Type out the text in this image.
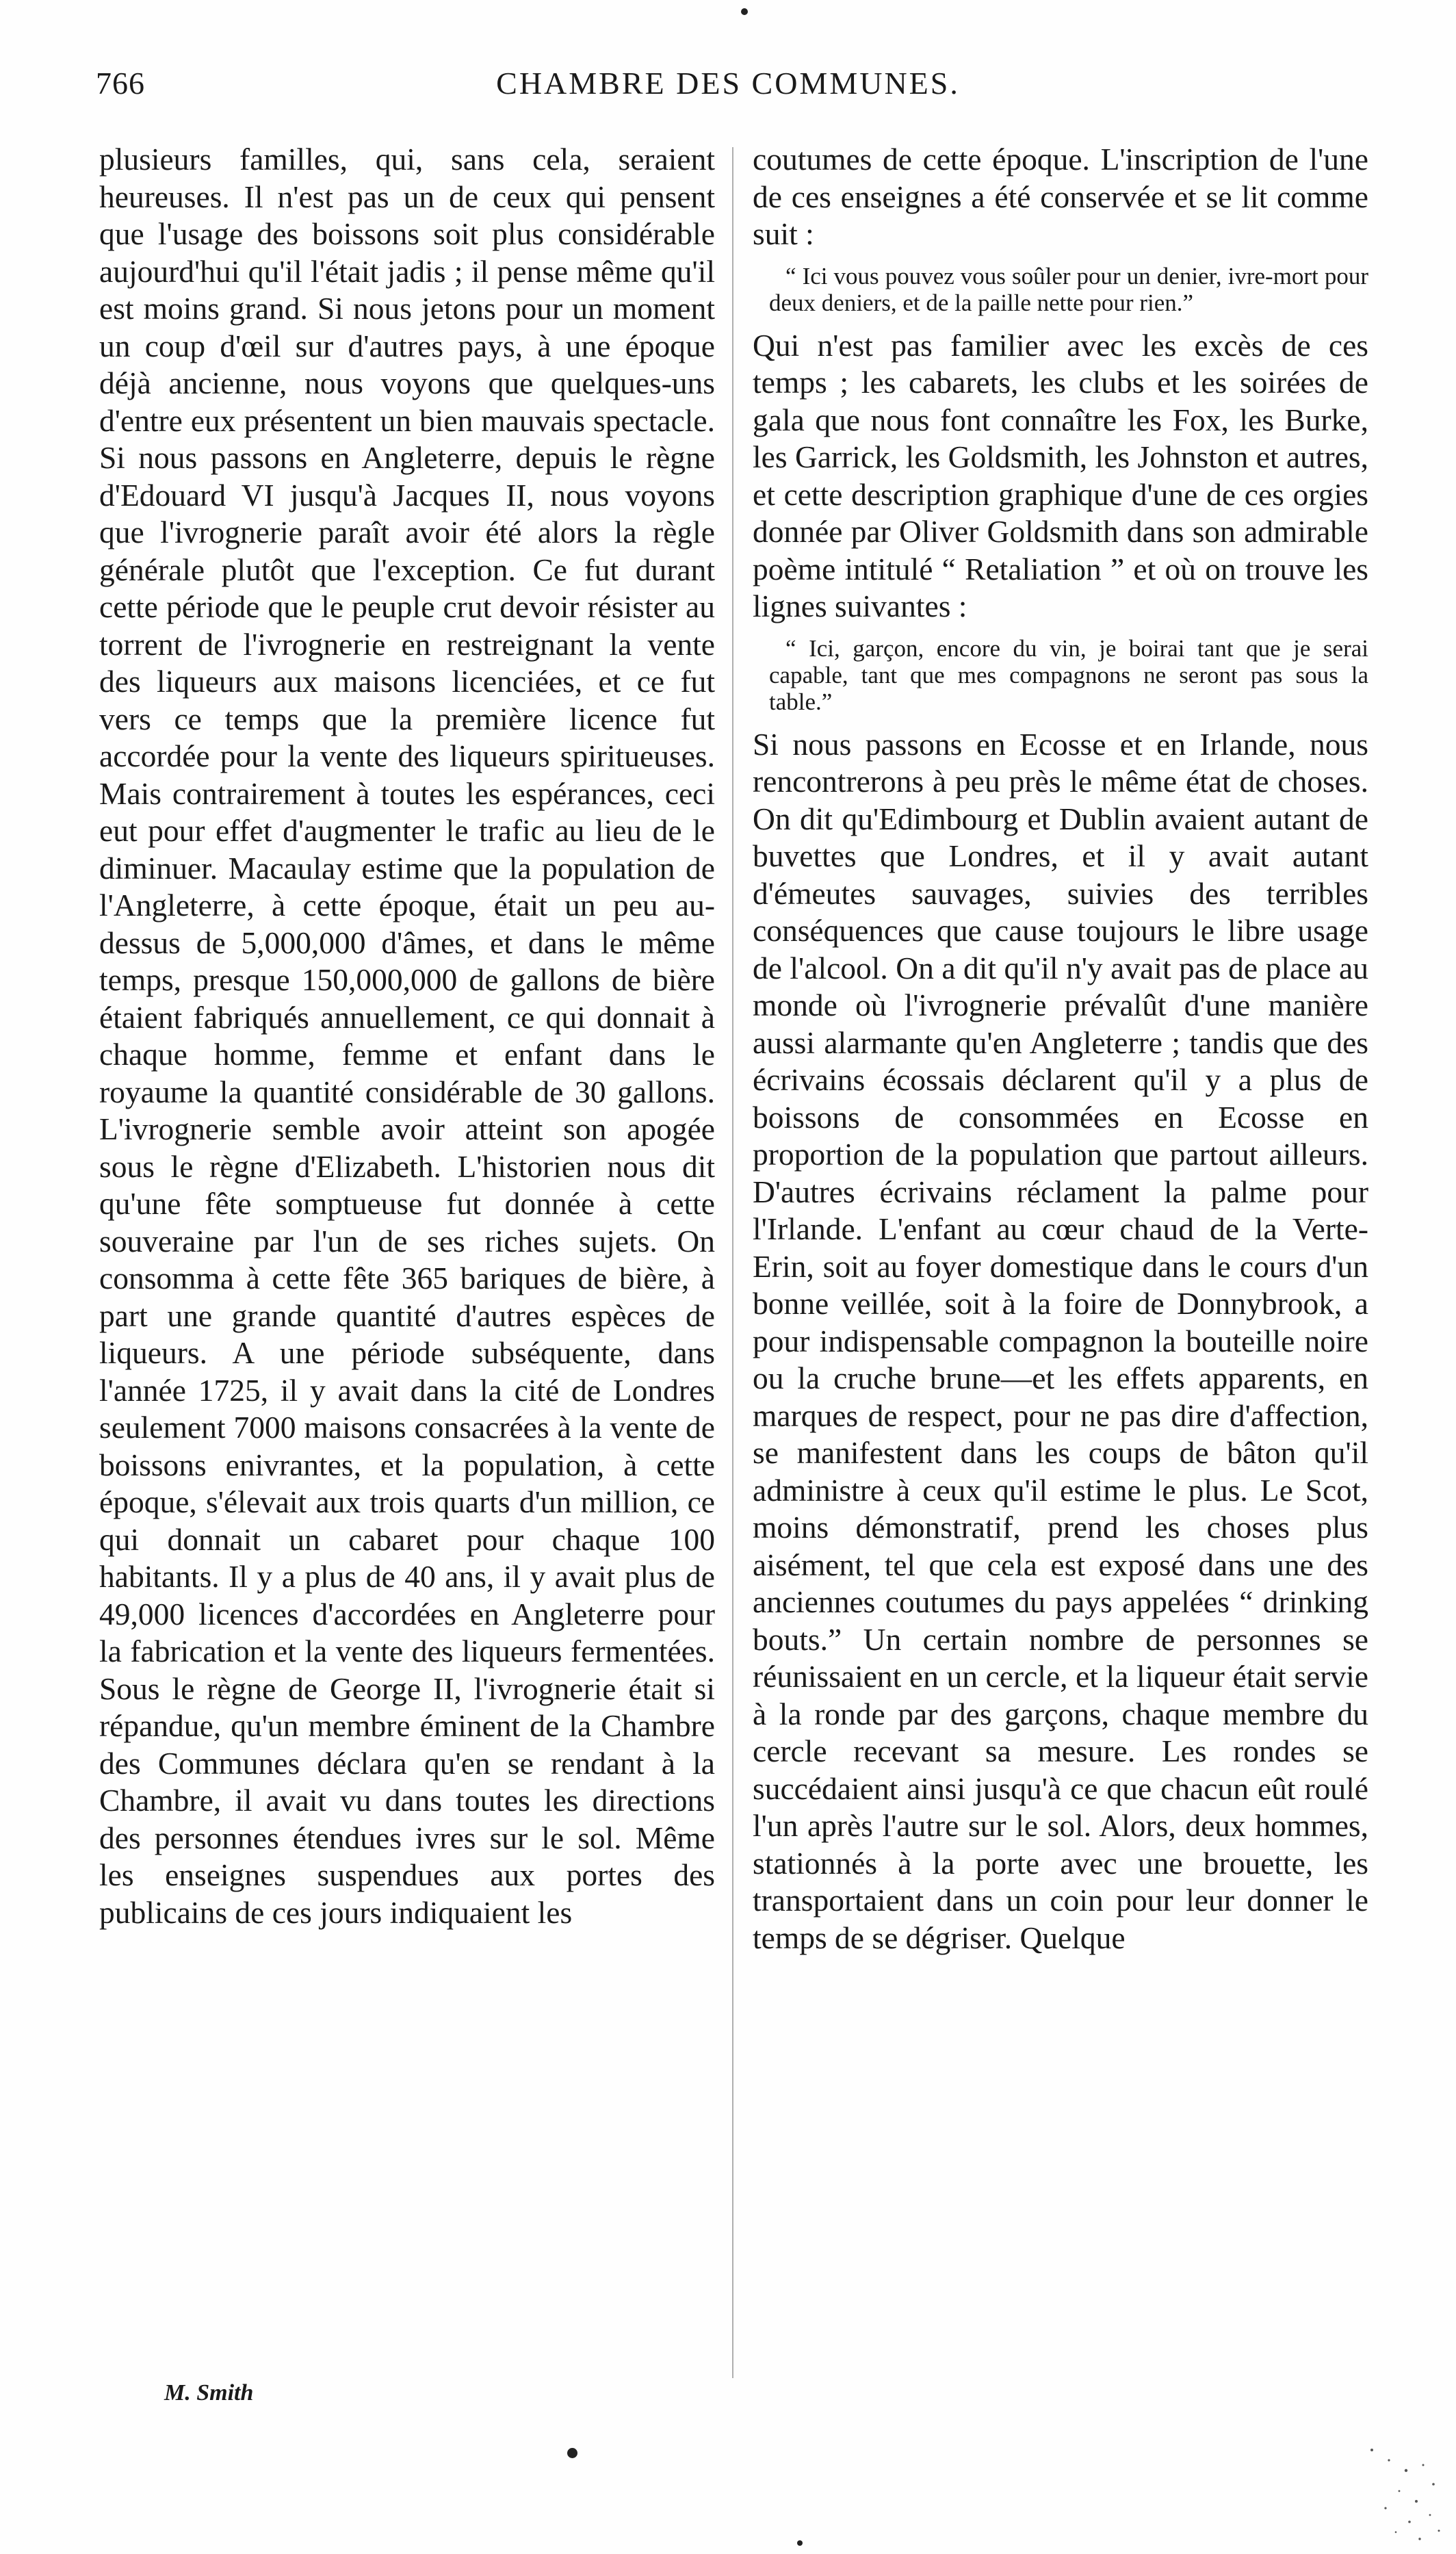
766	CHAMBRE DES COMMUNES.

plusieurs familles, qui, sans cela, seraient heureuses. Il n'est pas un de ceux qui pensent que l'usage des boissons soit plus considérable aujourd'hui qu'il l'était jadis ; il pense même qu'il est moins grand. Si nous jetons pour un moment un coup d'œil sur d'autres pays, à une époque déjà ancienne, nous voyons que quelques-uns d'entre eux présentent un bien mauvais spectacle. Si nous passons en Angleterre, depuis le règne d'Edouard VI jusqu'à Jacques II, nous voyons que l'ivrognerie paraît avoir été alors la règle générale plutôt que l'exception. Ce fut durant cette période que le peuple crut devoir résister au torrent de l'ivrognerie en restreignant la vente des liqueurs aux maisons licenciées, et ce fut vers ce temps que la première licence fut accordée pour la vente des liqueurs spiritueuses. Mais contrairement à toutes les espérances, ceci eut pour effet d'augmenter le trafic au lieu de le diminuer. Macaulay estime que la population de l'Angleterre, à cette époque, était un peu au-dessus de 5,000,000 d'âmes, et dans le même temps, presque 150,000,000 de gallons de bière étaient fabriqués annuellement, ce qui donnait à chaque homme, femme et enfant dans le royaume la quantité considérable de 30 gallons. L'ivrognerie semble avoir atteint son apogée sous le règne d'Elizabeth. L'historien nous dit qu'une fête somptueuse fut donnée à cette souveraine par l'un de ses riches sujets. On consomma à cette fête 365 bariques de bière, à part une grande quantité d'autres espèces de liqueurs. A une période subséquente, dans l'année 1725, il y avait dans la cité de Londres seulement 7000 maisons consacrées à la vente de boissons enivrantes, et la population, à cette époque, s'élevait aux trois quarts d'un million, ce qui donnait un cabaret pour chaque 100 habitants. Il y a plus de 40 ans, il y avait plus de 49,000 licences d'accordées en Angleterre pour la fabrication et la vente des liqueurs fermentées. Sous le règne de George II, l'ivrognerie était si répandue, qu'un membre éminent de la Chambre des Communes déclara qu'en se rendant à la Chambre, il avait vu dans toutes les directions des personnes étendues ivres sur le sol. Même les enseignes suspendues aux portes des publicains de ces jours indiquaient les

coutumes de cette époque. L'inscription de l'une de ces enseignes a été conservée et se lit comme suit :

“ Ici vous pouvez vous soûler pour un denier, ivre-mort pour deux deniers, et de la paille nette pour rien.”

Qui n'est pas familier avec les excès de ces temps ; les cabarets, les clubs et les soirées de gala que nous font connaître les Fox, les Burke, les Garrick, les Goldsmith, les Johnston et autres, et cette description graphique d'une de ces orgies donnée par Oliver Goldsmith dans son admirable poème intitulé “ Retaliation ” et où on trouve les lignes suivantes :

“ Ici, garçon, encore du vin, je boirai tant que je serai capable, tant que mes compagnons ne seront pas sous la table.”

Si nous passons en Ecosse et en Irlande, nous rencontrerons à peu près le même état de choses. On dit qu'Edimbourg et Dublin avaient autant de buvettes que Londres, et il y avait autant d'émeutes sauvages, suivies des terribles conséquences que cause toujours le libre usage de l'alcool. On a dit qu'il n'y avait pas de place au monde où l'ivrognerie prévalût d'une manière aussi alarmante qu'en Angleterre ; tandis que des écrivains écossais déclarent qu'il y a plus de boissons de consommées en Ecosse en proportion de la population que partout ailleurs. D'autres écrivains réclament la palme pour l'Irlande. L'enfant au cœur chaud de la Verte-Erin, soit au foyer domestique dans le cours d'un bonne veillée, soit à la foire de Donnybrook, a pour indispensable compagnon la bouteille noire ou la cruche brune—et les effets apparents, en marques de respect, pour ne pas dire d'affection, se manifestent dans les coups de bâton qu'il administre à ceux qu'il estime le plus. Le Scot, moins démonstratif, prend les choses plus aisément, tel que cela est exposé dans une des anciennes coutumes du pays appelées “ drinking bouts.” Un certain nombre de personnes se réunissaient en un cercle, et la liqueur était servie à la ronde par des garçons, chaque membre du cercle recevant sa mesure. Les rondes se succédaient ainsi jusqu'à ce que chacun eût roulé l'un après l'autre sur le sol. Alors, deux hommes, stationnés à la porte avec une brouette, les transportaient dans un coin pour leur donner le temps de se dégriser. Quelque

M. Smith
